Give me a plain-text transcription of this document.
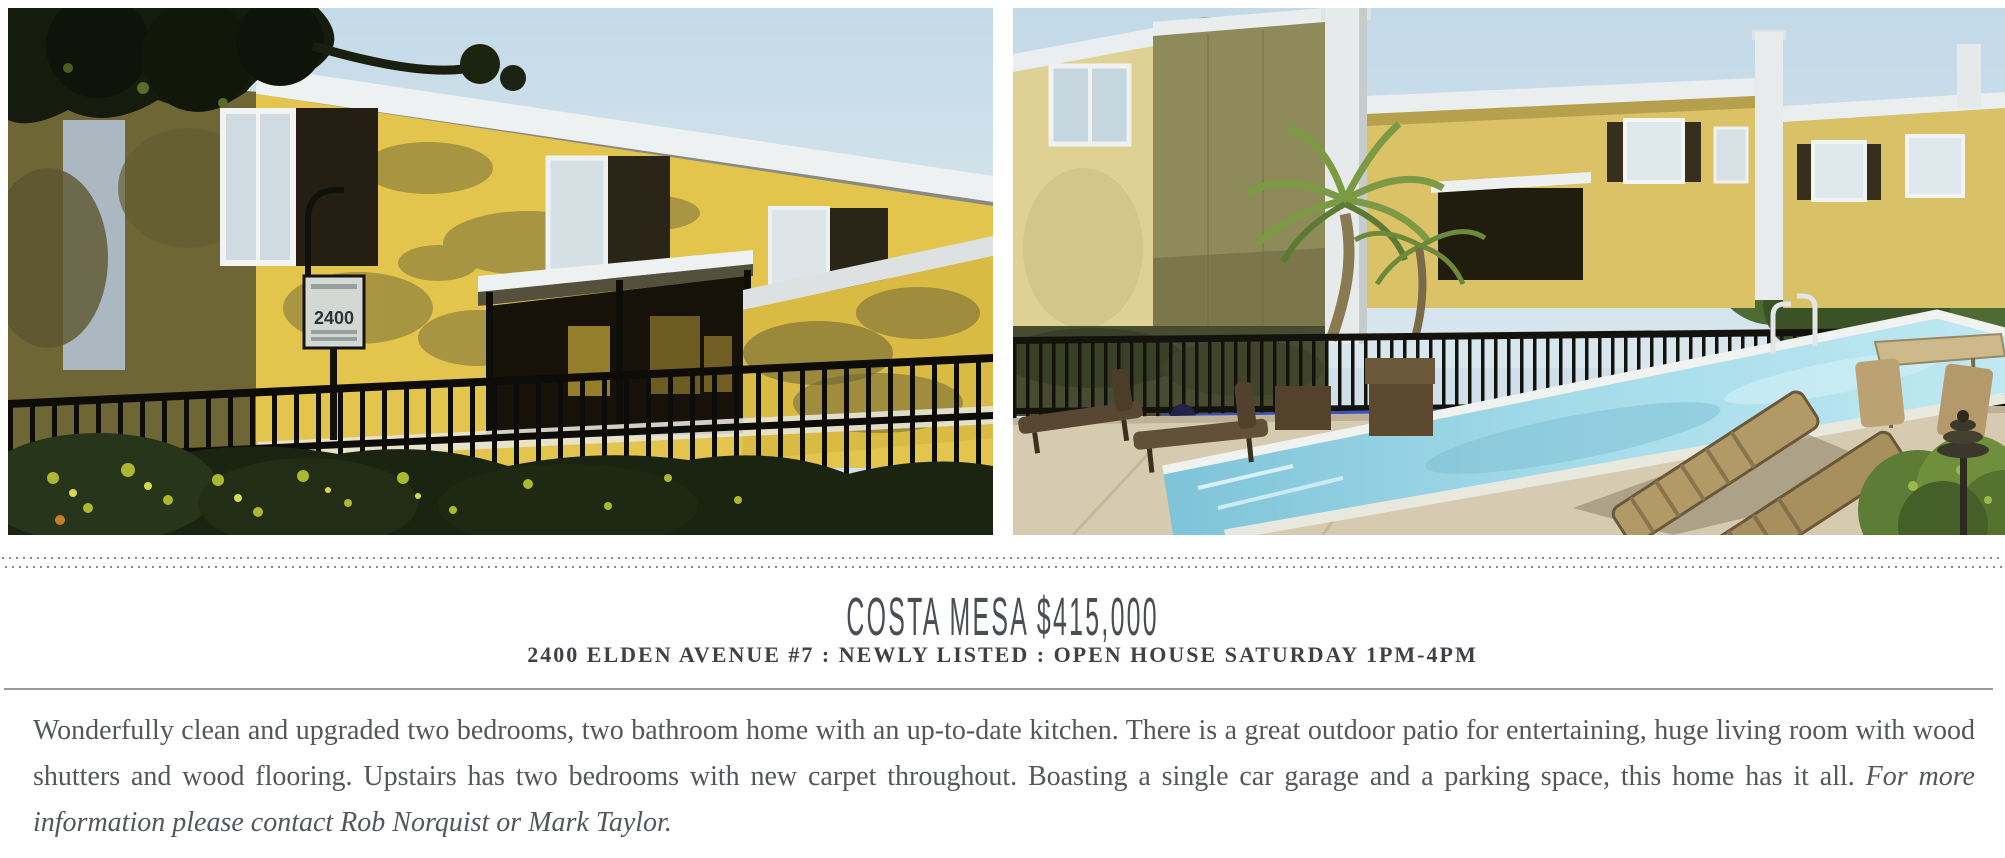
2400
COSTA MESA $415,000
2400 ELDEN AVENUE #7 : NEWLY LISTED : OPEN HOUSE SATURDAY 1PM-4PM

Wonderfully clean and upgraded two bedrooms, two bathroom home with an up-to-date kitchen. There is a great outdoor patio for entertaining, huge living room with wood shutters and wood flooring. Upstairs has two bedrooms with new carpet throughout. Boasting a single car garage and a parking space, this home has it all. For more information please contact Rob Norquist or Mark Taylor.
